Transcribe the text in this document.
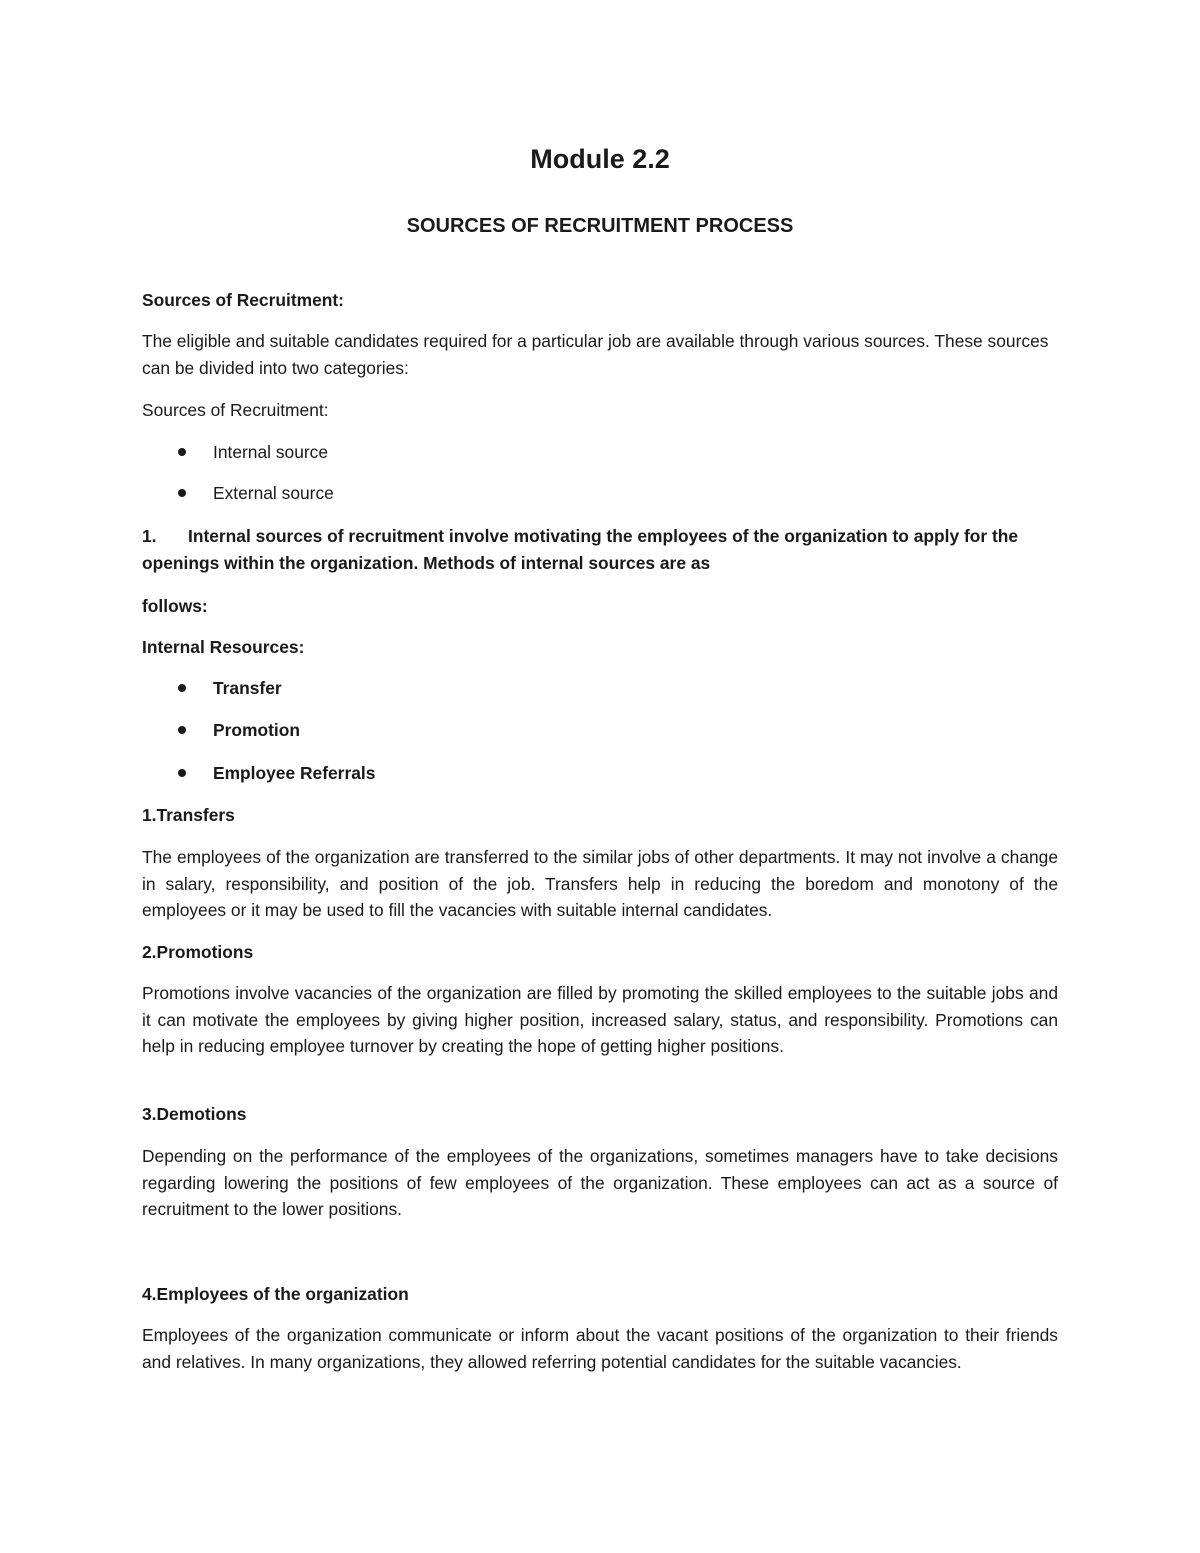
Module 2.2
SOURCES OF RECRUITMENT PROCESS

Sources of Recruitment:

The eligible and suitable candidates required for a particular job are available through various sources. These sources can be divided into two categories:

Sources of Recruitment:

Internal source
External source

1. Internal sources of recruitment involve motivating the employees of the organization to apply for the openings within the organization. Methods of internal sources are as

follows:

Internal Resources:

Transfer
Promotion
Employee Referrals

1.Transfers

The employees of the organization are transferred to the similar jobs of other departments. It may not involve a change in salary, responsibility, and position of the job. Transfers help in reducing the boredom and monotony of the employees or it may be used to fill the vacancies with suitable internal candidates.

2.Promotions

Promotions involve vacancies of the organization are filled by promoting the skilled employees to the suitable jobs and it can motivate the employees by giving higher position, increased salary, status, and responsibility. Promotions can help in reducing employee turnover by creating the hope of getting higher positions.

3.Demotions

Depending on the performance of the employees of the organizations, sometimes managers have to take decisions regarding lowering the positions of few employees of the organization. These employees can act as a source of recruitment to the lower positions.

4.Employees of the organization

Employees of the organization communicate or inform about the vacant positions of the organization to their friends and relatives. In many organizations, they allowed referring potential candidates for the suitable vacancies.
